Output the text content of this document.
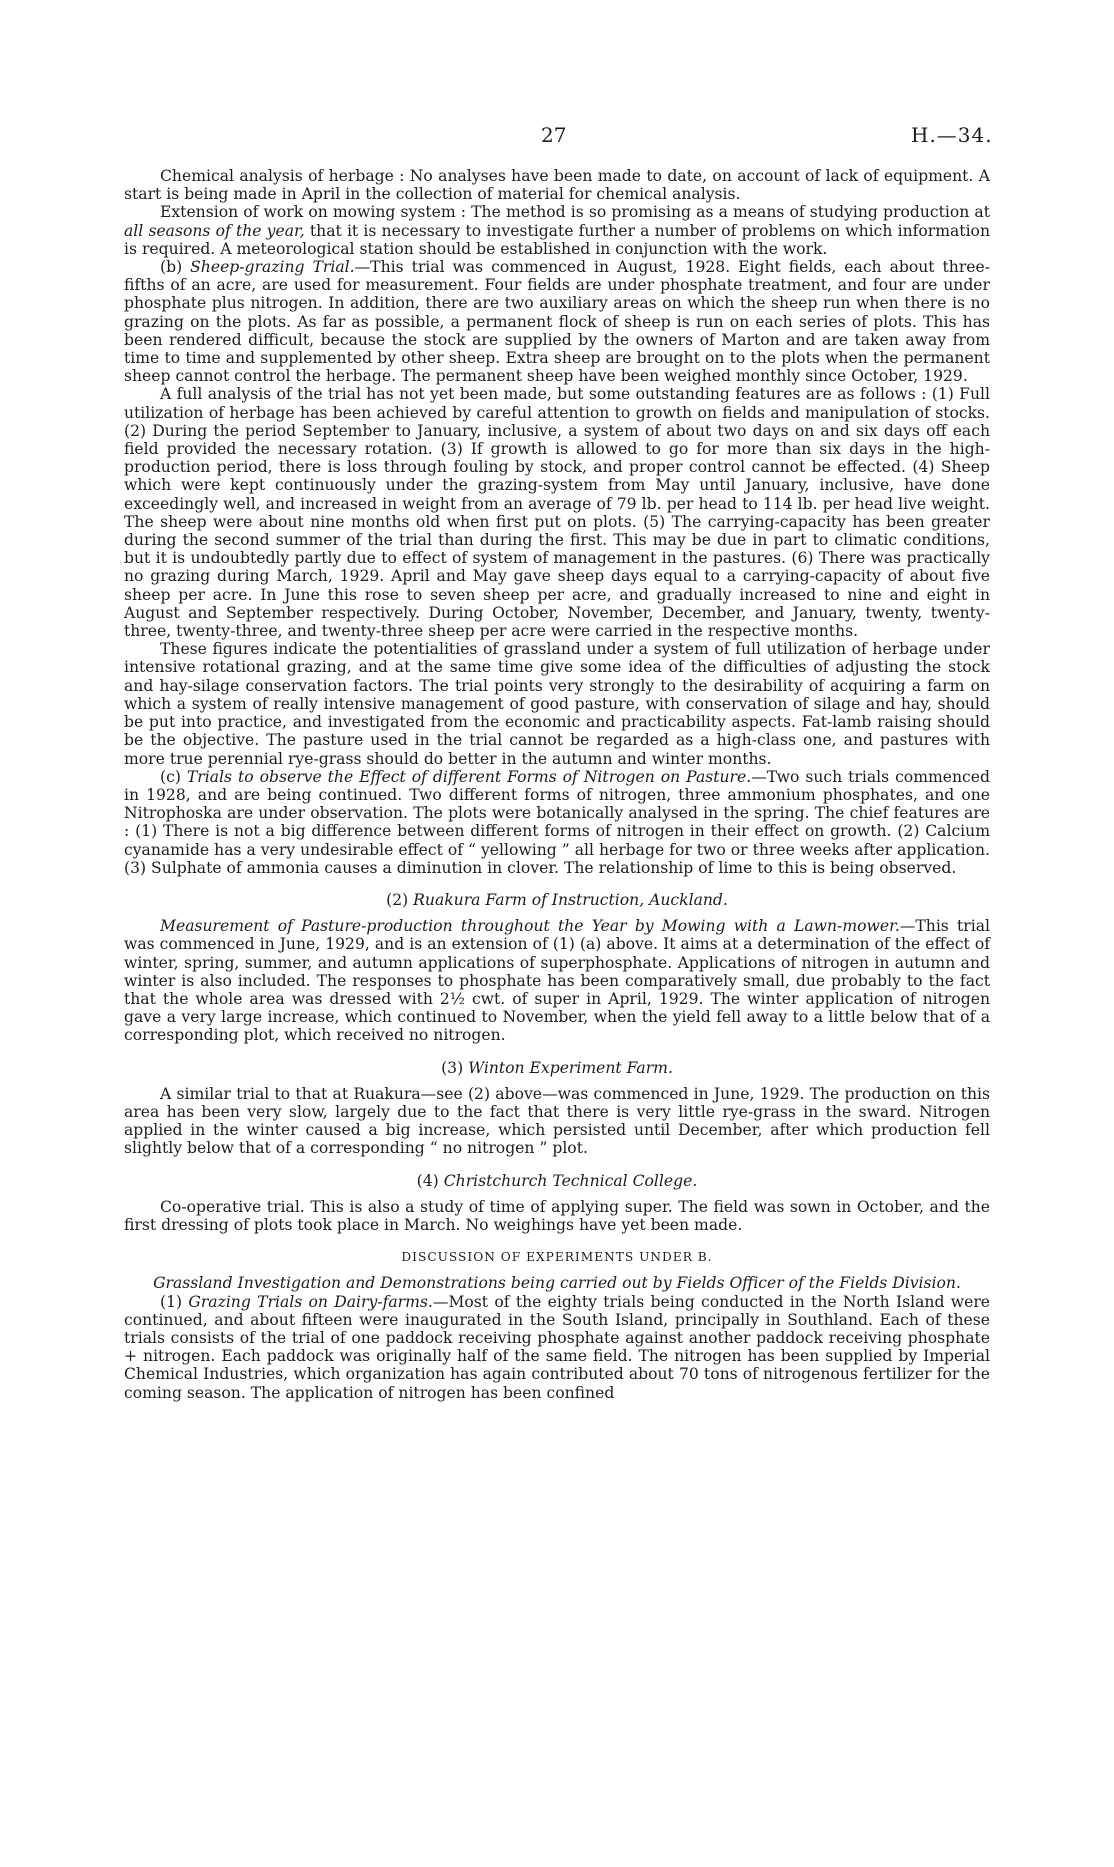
27	H.—34.

Chemical analysis of herbage : No analyses have been made to date, on account of lack of equipment. A start is being made in April in the collection of material for chemical analysis.

Extension of work on mowing system : The method is so promising as a means of studying production at all seasons of the year, that it is necessary to investigate further a number of problems on which information is required. A meteorological station should be established in conjunction with the work.

(b) Sheep-grazing Trial.—This trial was commenced in August, 1928. Eight fields, each about three-fifths of an acre, are used for measurement. Four fields are under phosphate treatment, and four are under phosphate plus nitrogen. In addition, there are two auxiliary areas on which the sheep run when there is no grazing on the plots. As far as possible, a permanent flock of sheep is run on each series of plots. This has been rendered difficult, because the stock are supplied by the owners of Marton and are taken away from time to time and supplemented by other sheep. Extra sheep are brought on to the plots when the permanent sheep cannot control the herbage. The permanent sheep have been weighed monthly since October, 1929.

A full analysis of the trial has not yet been made, but some outstanding features are as follows : (1) Full utilization of herbage has been achieved by careful attention to growth on fields and manipulation of stocks. (2) During the period September to January, inclusive, a system of about two days on and six days off each field provided the necessary rotation. (3) If growth is allowed to go for more than six days in the high-production period, there is loss through fouling by stock, and proper control cannot be effected. (4) Sheep which were kept continuously under the grazing-system from May until January, inclusive, have done exceedingly well, and increased in weight from an average of 79 lb. per head to 114 lb. per head live weight. The sheep were about nine months old when first put on plots. (5) The carrying-capacity has been greater during the second summer of the trial than during the first. This may be due in part to climatic conditions, but it is undoubtedly partly due to effect of system of management in the pastures. (6) There was practically no grazing during March, 1929. April and May gave sheep days equal to a carrying-capacity of about five sheep per acre. In June this rose to seven sheep per acre, and gradually increased to nine and eight in August and September respectively. During October, November, December, and January, twenty, twenty-three, twenty-three, and twenty-three sheep per acre were carried in the respective months.

These figures indicate the potentialities of grassland under a system of full utilization of herbage under intensive rotational grazing, and at the same time give some idea of the difficulties of adjusting the stock and hay-silage conservation factors. The trial points very strongly to the desirability of acquiring a farm on which a system of really intensive management of good pasture, with conservation of silage and hay, should be put into practice, and investigated from the economic and practicability aspects. Fat-lamb raising should be the objective. The pasture used in the trial cannot be regarded as a high-class one, and pastures with more true perennial rye-grass should do better in the autumn and winter months.

(c) Trials to observe the Effect of different Forms of Nitrogen on Pasture.—Two such trials commenced in 1928, and are being continued. Two different forms of nitrogen, three ammonium phosphates, and one Nitrophoska are under observation. The plots were botanically analysed in the spring. The chief features are : (1) There is not a big difference between different forms of nitrogen in their effect on growth. (2) Calcium cyanamide has a very undesirable effect of “ yellowing ” all herbage for two or three weeks after application. (3) Sulphate of ammonia causes a diminution in clover. The relationship of lime to this is being observed.

(2) Ruakura Farm of Instruction, Auckland.

Measurement of Pasture-production throughout the Year by Mowing with a Lawn-mower.—This trial was commenced in June, 1929, and is an extension of (1) (a) above. It aims at a determination of the effect of winter, spring, summer, and autumn applications of superphosphate. Applications of nitrogen in autumn and winter is also included. The responses to phosphate has been comparatively small, due probably to the fact that the whole area was dressed with 2½ cwt. of super in April, 1929. The winter application of nitrogen gave a very large increase, which continued to November, when the yield fell away to a little below that of a corresponding plot, which received no nitrogen.

(3) Winton Experiment Farm.

A similar trial to that at Ruakura—see (2) above—was commenced in June, 1929. The production on this area has been very slow, largely due to the fact that there is very little rye-grass in the sward. Nitrogen applied in the winter caused a big increase, which persisted until December, after which production fell slightly below that of a corresponding “ no nitrogen ” plot.

(4) Christchurch Technical College.

Co-operative trial. This is also a study of time of applying super. The field was sown in October, and the first dressing of plots took place in March. No weighings have yet been made.

DISCUSSION OF EXPERIMENTS UNDER B.

Grassland Investigation and Demonstrations being carried out by Fields Officer of the Fields Division.

(1) Grazing Trials on Dairy-farms.—Most of the eighty trials being conducted in the North Island were continued, and about fifteen were inaugurated in the South Island, principally in Southland. Each of these trials consists of the trial of one paddock receiving phosphate against another paddock receiving phosphate + nitrogen. Each paddock was originally half of the same field. The nitrogen has been supplied by Imperial Chemical Industries, which organization has again contributed about 70 tons of nitrogenous fertilizer for the coming season. The application of nitrogen has been confined
